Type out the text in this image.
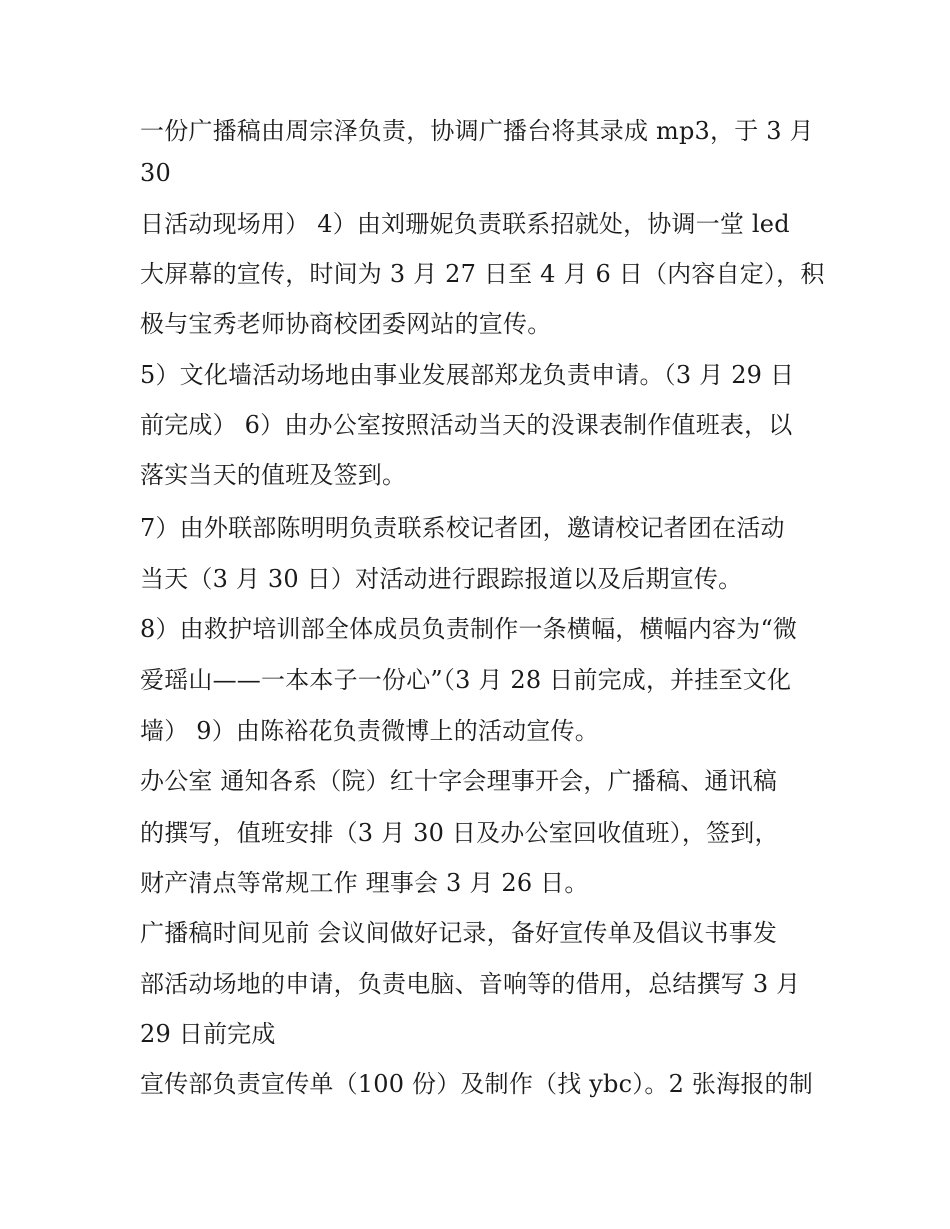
一份广播稿由周宗泽负责，协调广播台将其录成 mp3，于 3 月
30
日活动现场用） 4）由刘珊妮负责联系招就处，协调一堂 led
大屏幕的宣传，时间为 3 月 27 日至 4 月 6 日（内容自定），积
极与宝秀老师协商校团委网站的宣传。
5）文化墙活动场地由事业发展部郑龙负责申请。（3 月 29 日
前完成） 6）由办公室按照活动当天的没课表制作值班表，以
落实当天的值班及签到。
7）由外联部陈明明负责联系校记者团，邀请校记者团在活动
当天（3 月 30 日）对活动进行跟踪报道以及后期宣传。
8）由救护培训部全体成员负责制作一条横幅，横幅内容为“微
爱瑶山——一本本子一份心”（3 月 28 日前完成，并挂至文化
墙） 9）由陈裕花负责微博上的活动宣传。
办公室 通知各系（院）红十字会理事开会，广播稿、通讯稿
的撰写，值班安排（3 月 30 日及办公室回收值班），签到，
财产清点等常规工作 理事会 3 月 26 日。
广播稿时间见前 会议间做好记录，备好宣传单及倡议书事发
部活动场地的申请，负责电脑、音响等的借用，总结撰写 3 月
29 日前完成
宣传部负责宣传单（100 份）及制作（找 ybc）。2 张海报的制
